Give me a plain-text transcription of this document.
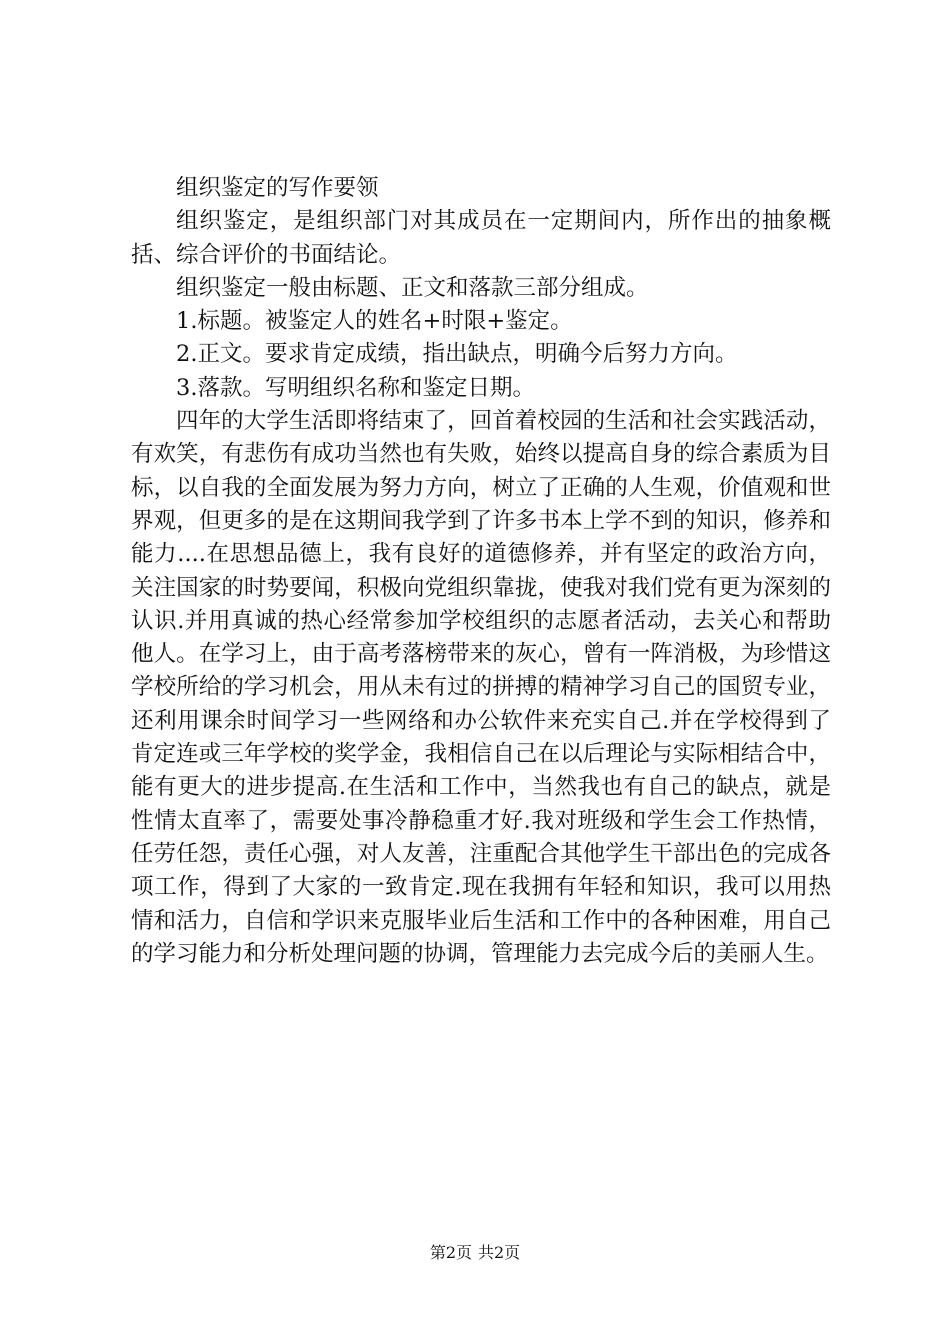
组织鉴定的写作要领

组织鉴定，是组织部门对其成员在一定期间内，所作出的抽象概括、综合评价的书面结论。

组织鉴定一般由标题、正文和落款三部分组成。

1.标题。被鉴定人的姓名+时限+鉴定。

2.正文。要求肯定成绩，指出缺点，明确今后努力方向。

3.落款。写明组织名称和鉴定日期。

四年的大学生活即将结束了，回首着校园的生活和社会实践活动，有欢笑，有悲伤有成功当然也有失败，始终以提高自身的综合素质为目标，以自我的全面发展为努力方向，树立了正确的人生观，价值观和世界观，但更多的是在这期间我学到了许多书本上学不到的知识，修养和能力....在思想品德上，我有良好的道德修养，并有坚定的政治方向，关注国家的时势要闻，积极向党组织靠拢，使我对我们党有更为深刻的认识.并用真诚的热心经常参加学校组织的志愿者活动，去关心和帮助他人。在学习上，由于高考落榜带来的灰心，曾有一阵消极，为珍惜这学校所给的学习机会，用从未有过的拼搏的精神学习自己的国贸专业，还利用课余时间学习一些网络和办公软件来充实自己.并在学校得到了肯定连或三年学校的奖学金，我相信自己在以后理论与实际相结合中，能有更大的进步提高.在生活和工作中，当然我也有自己的缺点，就是性情太直率了，需要处事冷静稳重才好.我对班级和学生会工作热情，任劳任怨，责任心强，对人友善，注重配合其他学生干部出色的完成各项工作，得到了大家的一致肯定.现在我拥有年轻和知识，我可以用热情和活力，自信和学识来克服毕业后生活和工作中的各种困难，用自己的学习能力和分析处理问题的协调，管理能力去完成今后的美丽人生。

第2页 共2页
